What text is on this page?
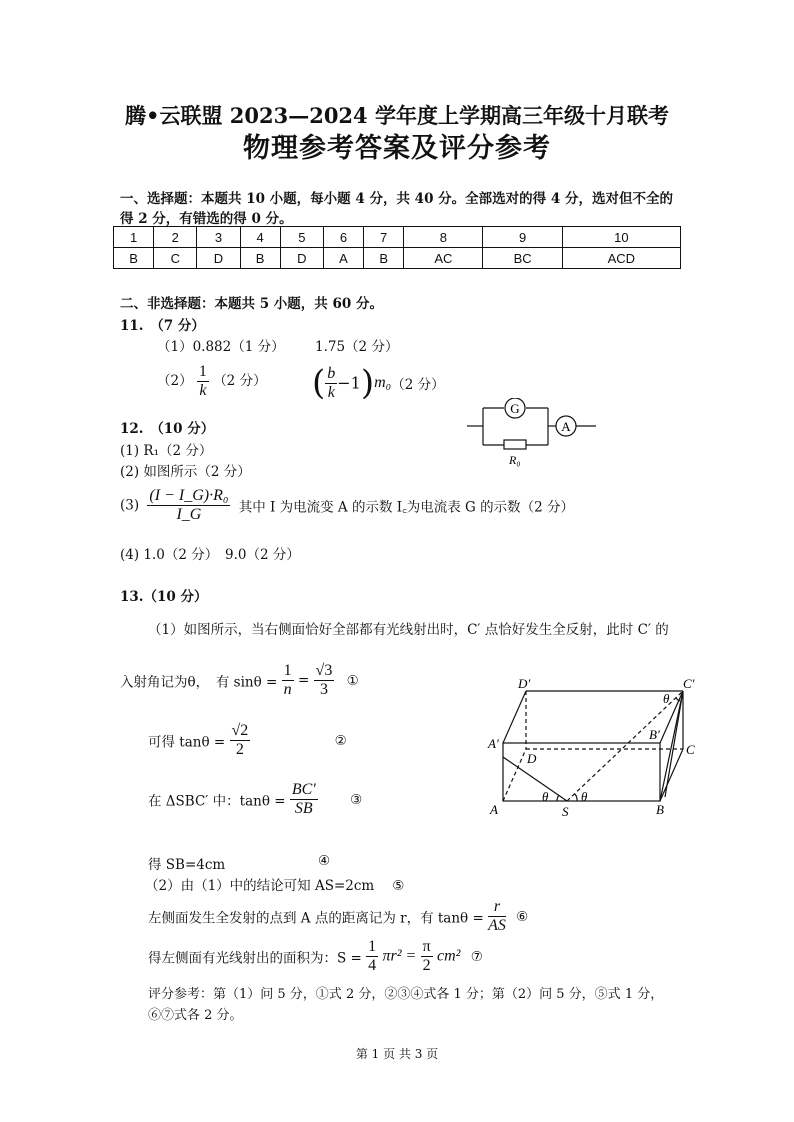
腾•云联盟 2023—2024 学年度上学期高三年级十月联考
物理参考答案及评分参考
一、选择题：本题共 10 小题，每小题 4 分，共 40 分。全部选对的得 4 分，选对但不全的
得 2 分，有错选的得 0 分。
1	2	3	4	5	6	7	8	9	10
B	C	D	B	D	A	B	AC	BC	ACD
二、非选择题：本题共 5 小题，共 60 分。
11.　（7 分）
（1）0.882（1 分） 1.75（2 分）
$(2) \frac{1}{k} (2$ 分） ( $\frac{b}{k} -1)m_0(2$ 分）
12.　（10 分）
(1) R₁（2 分）
(2) 如图所示（2 分）
$(3) \frac{\text{(I − I\_G)·R₀}}{I\_G}$ 其中 I 为电流变 A 的示数 I꜀为电流表 G 的示数（2 分）
(4) 1.0（2 分）　9.0（2 分）
G
A
R₀
13.（10 分）
（1）如图所示，当右侧面恰好全部都有光线射出时，C′ 点恰好发生全反射，此时 C′ 的
入射角记为θ，　有 $\sin\theta = \frac{1}{n} = \frac{√3}{3}$ ①
可得 $\tan\theta = \frac{√2}{2}$	②
在 ΔSBC′ 中：$\tan\theta = \frac{BC'}{SB}$ ③
得 SB=4cm	④
（2）由（1）中的结论可知 AS=2cm ⑤
左侧面发生全发射的点到 A 点的距离记为 r，有 $\tan\theta = \frac{r}{AS}$ ⑥
得左侧面有光线射出的面积为：$S = \frac{1}{4} \pi r^2 = \frac{\pi}{2} cm^2$ ⑦
评分参考：第（1）问 5 分，①式 2 分，②③④式各 1 分；第（2）问 5 分，⑤式 1 分，
⑥⑦式各 2 分。
D′	C′
A′
B′
D
C
A	B
S
θ	θ
θ
第 1 页 共 3 页
